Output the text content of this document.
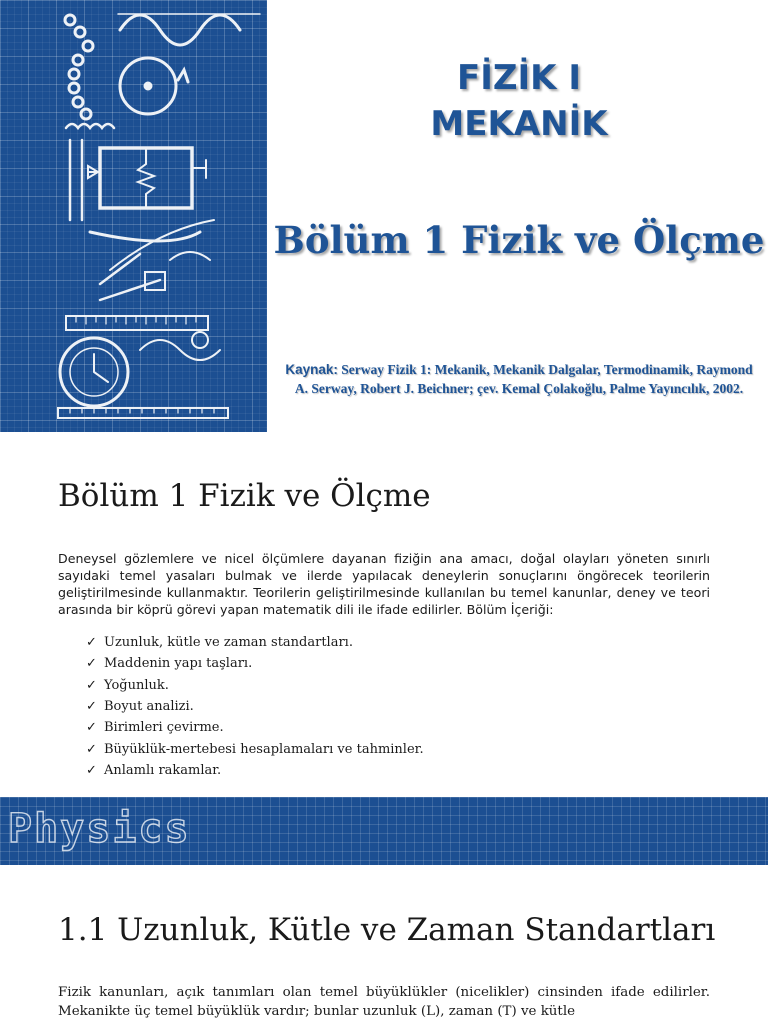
FİZİK I
MEKANİK
Bölüm 1 Fizik ve Ölçme
Kaynak: Serway Fizik 1: Mekanik, Mekanik Dalgalar, Termodinamik, Raymond A. Serway, Robert J. Beichner; çev. Kemal Çolakoğlu, Palme Yayıncılık, 2002.
Bölüm 1 Fizik ve Ölçme

Deneysel gözlemlere ve nicel ölçümlere dayanan fiziğin ana amacı, doğal olayları yöneten sınırlı sayıdaki temel yasaları bulmak ve ilerde yapılacak deneylerin sonuçlarını öngörecek teorilerin geliştirilmesinde kullanmaktır. Teorilerin geliştirilmesinde kullanılan bu temel kanunlar, deney ve teori arasında bir köprü görevi yapan matematik dili ile ifade edilirler. Bölüm İçeriği:

✓ Uzunluk, kütle ve zaman standartları.
✓ Maddenin yapı taşları.
✓ Yoğunluk.
✓ Boyut analizi.
✓ Birimleri çevirme.
✓ Büyüklük-mertebesi hesaplamaları ve tahminler.
✓ Anlamlı rakamlar.
Physics
1.1 Uzunluk, Kütle ve Zaman Standartları

Fizik kanunları, açık tanımları olan temel büyüklükler (nicelikler) cinsinden ifade edilirler. Mekanikte üç temel büyüklük vardır; bunlar uzunluk (L), zaman (T) ve kütle
